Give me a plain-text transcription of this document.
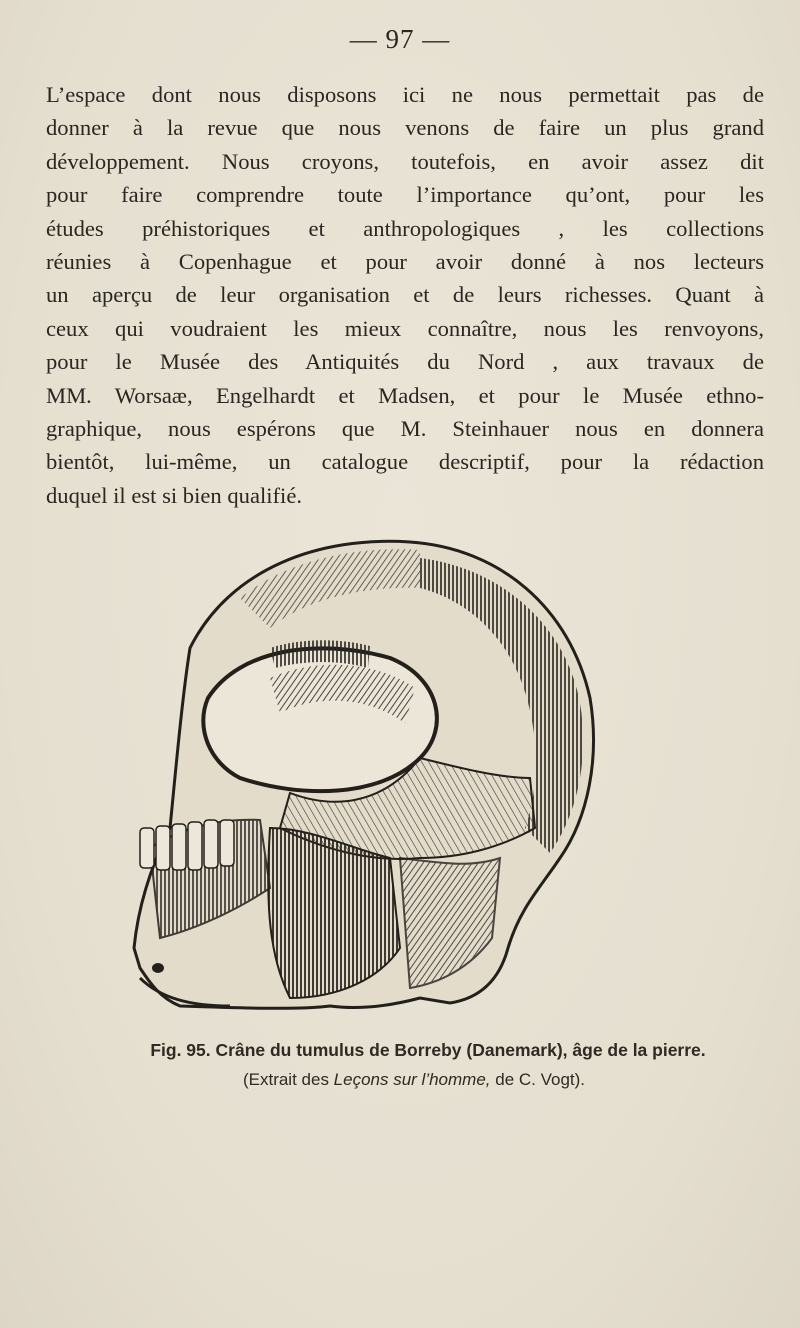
— 97 —
L’espace dont nous disposons ici ne nous permettait pas de
donner à la revue que nous venons de faire un plus grand
développement. Nous croyons, toutefois, en avoir assez dit
pour faire comprendre toute l’importance qu’ont, pour les
études préhistoriques et anthropologiques , les collections
réunies à Copenhague et pour avoir donné à nos lecteurs
un aperçu de leur organisation et de leurs richesses. Quant à
ceux qui voudraient les mieux connaître, nous les renvoyons,
pour le Musée des Antiquités du Nord , aux travaux de
MM. Worsaæ, Engelhardt et Madsen, et pour le Musée ethno-
graphique, nous espérons que M. Steinhauer nous en donnera
bientôt, lui-même, un catalogue descriptif, pour la rédaction
duquel il est si bien qualifié.
Fig. 95. Crâne du tumulus de Borreby (Danemark), âge de la pierre.
(Extrait des Leçons sur l’homme, de C. Vogt).
